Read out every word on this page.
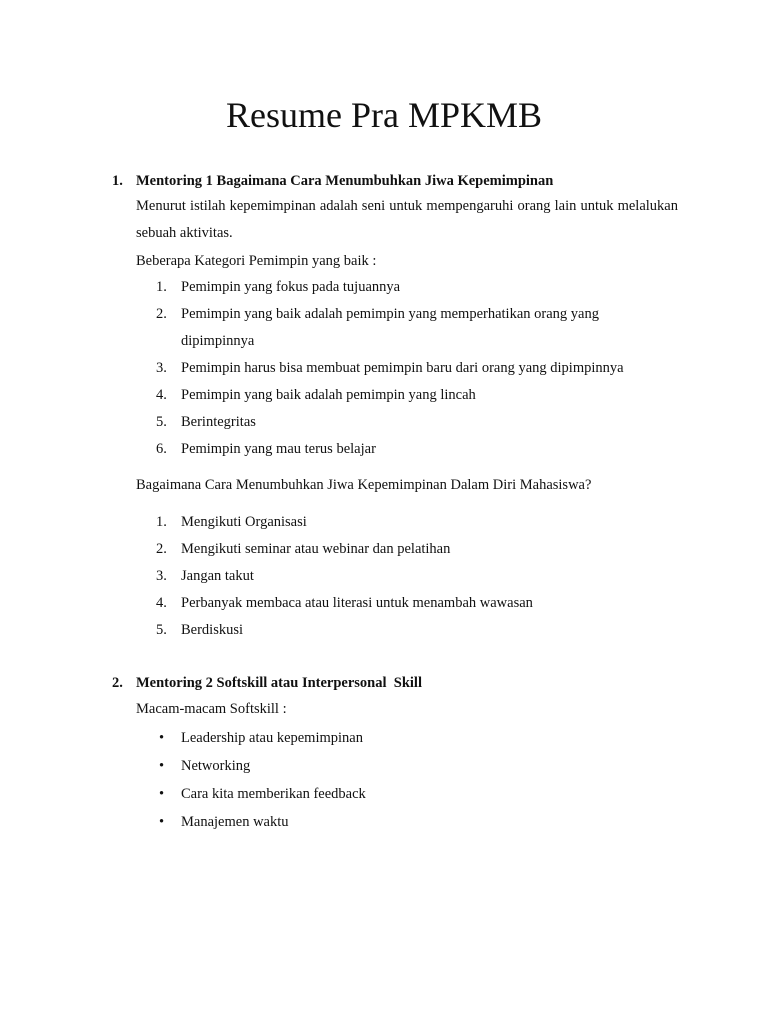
Resume Pra MPKMB
1. Mentoring 1 Bagaimana Cara Menumbuhkan Jiwa Kepemimpinan
Menurut istilah kepemimpinan adalah seni untuk mempengaruhi orang lain untuk melalukan sebuah aktivitas.
Beberapa Kategori Pemimpin yang baik :
1. Pemimpin yang fokus pada tujuannya
2. Pemimpin yang baik adalah pemimpin yang memperhatikan orang yang dipimpinnya
3. Pemimpin harus bisa membuat pemimpin baru dari orang yang dipimpinnya
4. Pemimpin yang baik adalah pemimpin yang lincah
5. Berintegritas
6. Pemimpin yang mau terus belajar
Bagaimana Cara Menumbuhkan Jiwa Kepemimpinan Dalam Diri Mahasiswa?
1. Mengikuti Organisasi
2. Mengikuti seminar atau webinar dan pelatihan
3. Jangan takut
4. Perbanyak membaca atau literasi untuk menambah wawasan
5. Berdiskusi
2. Mentoring 2 Softskill atau Interpersonal  Skill
Macam-macam Softskill :
• Leadership atau kepemimpinan
• Networking
• Cara kita memberikan feedback
• Manajemen waktu
